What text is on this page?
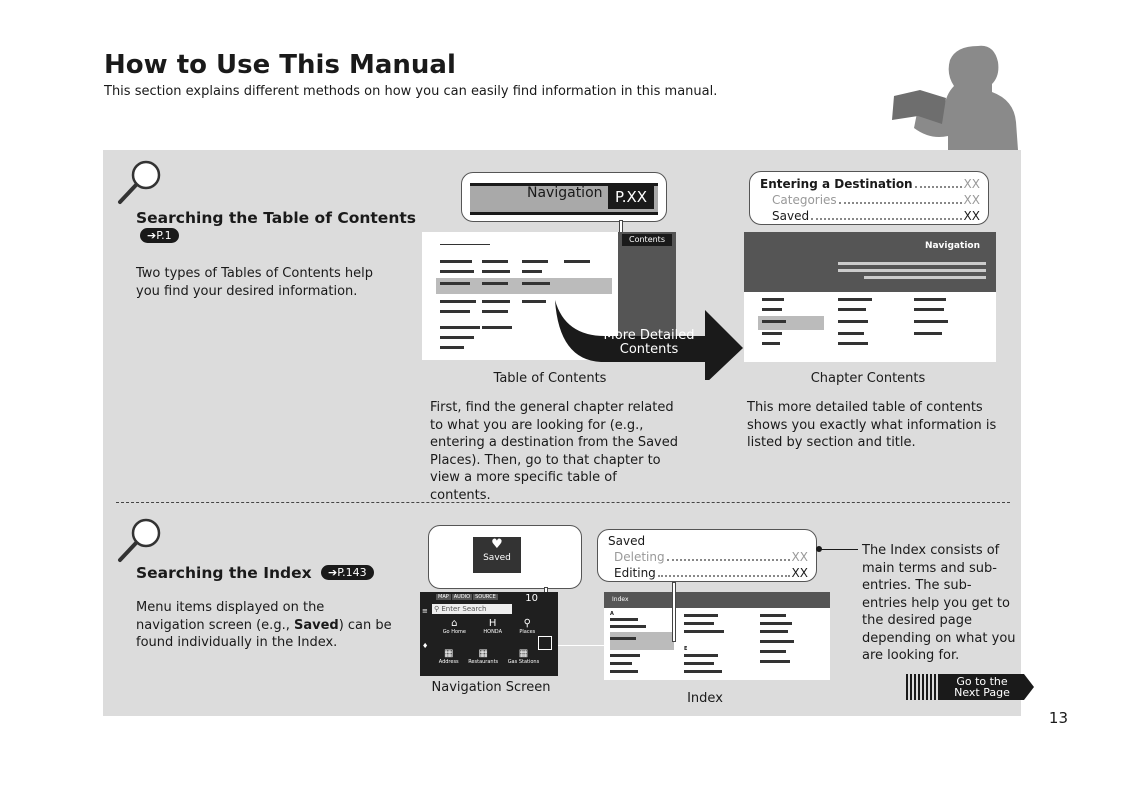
How to Use This Manual
This section explains different methods on how you can easily find information in this manual.
Searching the Table of Contents
➔P.1
Two types of Tables of Contents help you find your desired information.
Navigation P.XX
Contents
More Detailed
Contents
Navigation
Entering a Destination	XX
Categories	XX
Saved	XX
Table of Contents	Chapter Contents
First, find the general chapter related to what you are looking for (e.g., entering a destination from the Saved Places). Then, go to that chapter to view a more specific table of contents.
This more detailed table of contents shows you exactly what information is listed by section and title.
Searching the Index ➔P.143
Menu items displayed on the navigation screen (e.g., Saved) can be found individually in the Index.
♥
Saved
MAP	AUDIO	SOURCE	10
⚲ Enter Search
≡
♦
⌂
Go Home
H
HONDA
⚲
Places
▦
Address
▦
Restaurants
▦
Gas Stations
Index
A
E
Saved
Deleting	XX
Editing	XX
Navigation Screen
Index
The Index consists of main terms and sub-entries. The sub-entries help you get to the desired page depending on what you are looking for.
Go to the
Next Page
13
